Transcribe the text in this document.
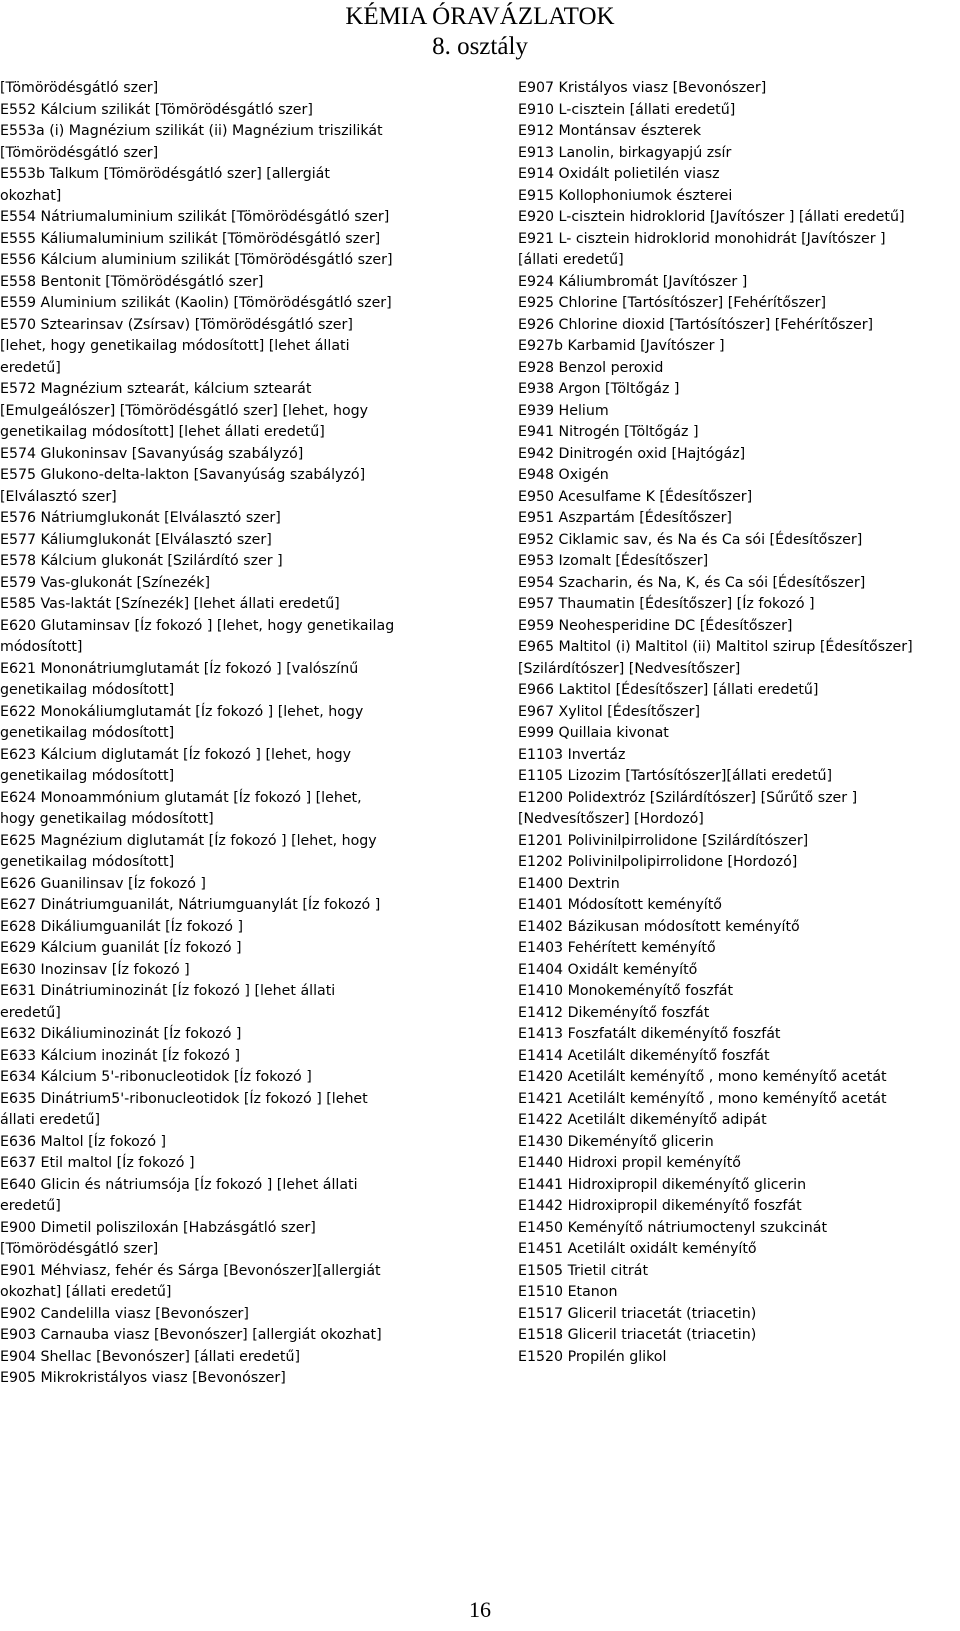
KÉMIA ÓRAVÁZLATOK
8. osztály
[Tömörödésgátló szer]
E552 Kálcium szilikát [Tömörödésgátló szer]
E553a (i) Magnézium szilikát (ii) Magnézium triszilikát
[Tömörödésgátló szer]
E553b Talkum [Tömörödésgátló szer] [allergiát
okozhat]
E554 Nátriumaluminium szilikát [Tömörödésgátló szer]
E555 Káliumaluminium szilikát [Tömörödésgátló szer]
E556 Kálcium aluminium szilikát [Tömörödésgátló szer]
E558 Bentonit [Tömörödésgátló szer]
E559 Aluminium szilikát (Kaolin) [Tömörödésgátló szer]
E570 Sztearinsav (Zsírsav) [Tömörödésgátló szer]
[lehet, hogy genetikailag módosított] [lehet állati
eredetű]
E572 Magnézium sztearát, kálcium sztearát
[Emulgeálószer] [Tömörödésgátló szer] [lehet, hogy
genetikailag módosított] [lehet állati eredetű]
E574 Glukoninsav [Savanyúság szabályzó]
E575 Glukono-delta-lakton [Savanyúság szabályzó]
[Elválasztó szer]
E576 Nátriumglukonát [Elválasztó szer]
E577 Káliumglukonát [Elválasztó szer]
E578 Kálcium glukonát [Szilárdító szer ]
E579 Vas-glukonát [Színezék]
E585 Vas-laktát [Színezék] [lehet állati eredetű]
E620 Glutaminsav [Íz fokozó ] [lehet, hogy genetikailag
módosított]
E621 Mononátriumglutamát [Íz fokozó ] [valószínű
genetikailag módosított]
E622 Monokáliumglutamát [Íz fokozó ] [lehet, hogy
genetikailag módosított]
E623 Kálcium diglutamát [Íz fokozó ] [lehet, hogy
genetikailag módosított]
E624 Monoammónium glutamát [Íz fokozó ] [lehet,
hogy genetikailag módosított]
E625 Magnézium diglutamát [Íz fokozó ] [lehet, hogy
genetikailag módosított]
E626 Guanilinsav [Íz fokozó ]
E627 Dinátriumguanilát, Nátriumguanylát [Íz fokozó ]
E628 Dikáliumguanilát [Íz fokozó ]
E629 Kálcium guanilát [Íz fokozó ]
E630 Inozinsav [Íz fokozó ]
E631 Dinátriuminozinát [Íz fokozó ] [lehet állati
eredetű]
E632 Dikáliuminozinát [Íz fokozó ]
E633 Kálcium inozinát [Íz fokozó ]
E634 Kálcium 5'-ribonucleotidok [Íz fokozó ]
E635 Dinátrium5'-ribonucleotidok [Íz fokozó ] [lehet
állati eredetű]
E636 Maltol [Íz fokozó ]
E637 Etil maltol [Íz fokozó ]
E640 Glicin és nátriumsója [Íz fokozó ] [lehet állati
eredetű]
E900 Dimetil polisziloxán [Habzásgátló szer]
[Tömörödésgátló szer]
E901 Méhviasz, fehér és Sárga [Bevonószer][allergiát
okozhat] [állati eredetű]
E902 Candelilla viasz [Bevonószer]
E903 Carnauba viasz [Bevonószer] [allergiát okozhat]
E904 Shellac [Bevonószer] [állati eredetű]
E905 Mikrokristályos viasz [Bevonószer]
E907 Kristályos viasz [Bevonószer]
E910 L-cisztein [állati eredetű]
E912 Montánsav észterek
E913 Lanolin, birkagyapjú zsír
E914 Oxidált polietilén viasz
E915 Kollophoniumok észterei
E920 L-cisztein hidroklorid [Javítószer ] [állati eredetű]
E921 L- cisztein hidroklorid monohidrát [Javítószer ]
[állati eredetű]
E924 Káliumbromát [Javítószer ]
E925 Chlorine [Tartósítószer] [Fehérítőszer]
E926 Chlorine dioxid [Tartósítószer] [Fehérítőszer]
E927b Karbamid [Javítószer ]
E928 Benzol peroxid
E938 Argon [Töltőgáz ]
E939 Helium
E941 Nitrogén [Töltőgáz ]
E942 Dinitrogén oxid [Hajtógáz]
E948 Oxigén
E950 Acesulfame K [Édesítőszer]
E951 Aszpartám [Édesítőszer]
E952 Ciklamic sav, és Na és Ca sói [Édesítőszer]
E953 Izomalt [Édesítőszer]
E954 Szacharin, és Na, K, és Ca sói [Édesítőszer]
E957 Thaumatin [Édesítőszer] [Íz fokozó ]
E959 Neohesperidine DC [Édesítőszer]
E965 Maltitol (i) Maltitol (ii) Maltitol szirup [Édesítőszer]
[Szilárdítószer] [Nedvesítőszer]
E966 Laktitol [Édesítőszer] [állati eredetű]
E967 Xylitol [Édesítőszer]
E999 Quillaia kivonat
E1103 Invertáz
E1105 Lizozim [Tartósítószer][állati eredetű]
E1200 Polidextróz [Szilárdítószer] [Sűrűtő szer ]
[Nedvesítőszer] [Hordozó]
E1201 Polivinilpirrolidone [Szilárdítószer]
E1202 Polivinilpolipirrolidone [Hordozó]
E1400 Dextrin
E1401 Módosított keményítő
E1402 Bázikusan módosított keményítő
E1403 Fehérített keményítő
E1404 Oxidált keményítő
E1410 Monokeményítő foszfát
E1412 Dikeményítő foszfát
E1413 Foszfatált dikeményítő foszfát
E1414 Acetilált dikeményítő foszfát
E1420 Acetilált keményítő , mono keményítő acetát
E1421 Acetilált keményítő , mono keményítő acetát
E1422 Acetilált dikeményítő adipát
E1430 Dikeményítő glicerin
E1440 Hidroxi propil keményítő
E1441 Hidroxipropil dikeményítő glicerin
E1442 Hidroxipropil dikeményítő foszfát
E1450 Keményítő nátriumoctenyl szukcinát
E1451 Acetilált oxidált keményítő
E1505 Trietil citrát
E1510 Etanon
E1517 Gliceril triacetát (triacetin)
E1518 Gliceril triacetát (triacetin)
E1520 Propilén glikol
16
